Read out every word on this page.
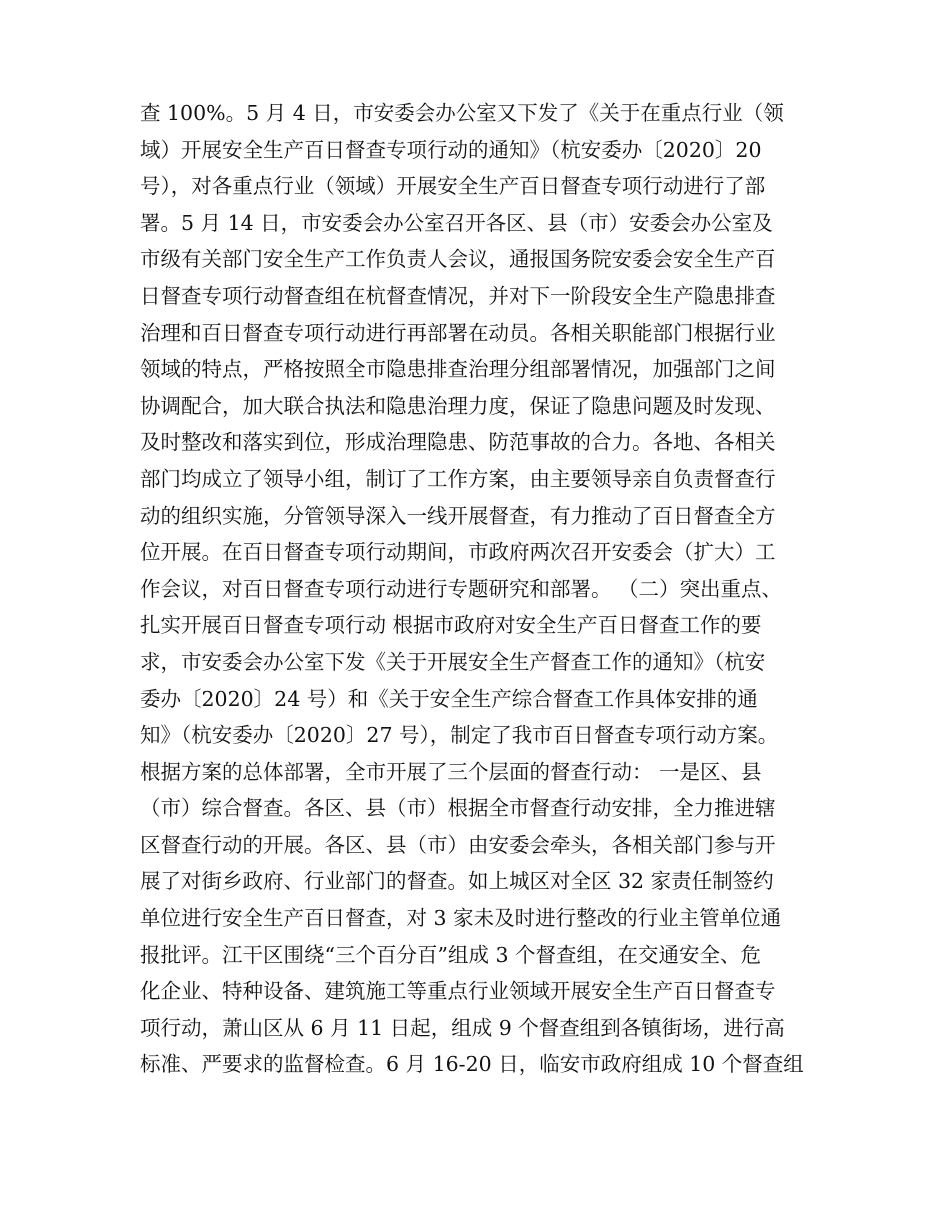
查 100%。5 月 4 日，市安委会办公室又下发了《关于在重点行业（领
域）开展安全生产百日督查专项行动的通知》（杭安委办〔2020〕20
号），对各重点行业（领域）开展安全生产百日督查专项行动进行了部
署。5 月 14 日，市安委会办公室召开各区、县（市）安委会办公室及
市级有关部门安全生产工作负责人会议，通报国务院安委会安全生产百
日督查专项行动督查组在杭督查情况，并对下一阶段安全生产隐患排查
治理和百日督查专项行动进行再部署在动员。各相关职能部门根据行业
领域的特点，严格按照全市隐患排查治理分组部署情况，加强部门之间
协调配合，加大联合执法和隐患治理力度，保证了隐患问题及时发现、
及时整改和落实到位，形成治理隐患、防范事故的合力。各地、各相关
部门均成立了领导小组，制订了工作方案，由主要领导亲自负责督查行
动的组织实施，分管领导深入一线开展督查，有力推动了百日督查全方
位开展。在百日督查专项行动期间，市政府两次召开安委会（扩大）工
作会议，对百日督查专项行动进行专题研究和部署。 （二）突出重点、
扎实开展百日督查专项行动 根据市政府对安全生产百日督查工作的要
求，市安委会办公室下发《关于开展安全生产督查工作的通知》（杭安
委办〔2020〕24 号）和《关于安全生产综合督查工作具体安排的通
知》（杭安委办〔2020〕27 号），制定了我市百日督查专项行动方案。
根据方案的总体部署，全市开展了三个层面的督查行动： 一是区、县
（市）综合督查。各区、县（市）根据全市督查行动安排，全力推进辖
区督查行动的开展。各区、县（市）由安委会牵头，各相关部门参与开
展了对街乡政府、行业部门的督查。如上城区对全区 32 家责任制签约
单位进行安全生产百日督查，对 3 家未及时进行整改的行业主管单位通
报批评。江干区围绕“三个百分百”组成 3 个督查组，在交通安全、危
化企业、特种设备、建筑施工等重点行业领域开展安全生产百日督查专
项行动，萧山区从 6 月 11 日起，组成 9 个督查组到各镇街场，进行高
标准、严要求的监督检查。6 月 16-20 日，临安市政府组成 10 个督查组
